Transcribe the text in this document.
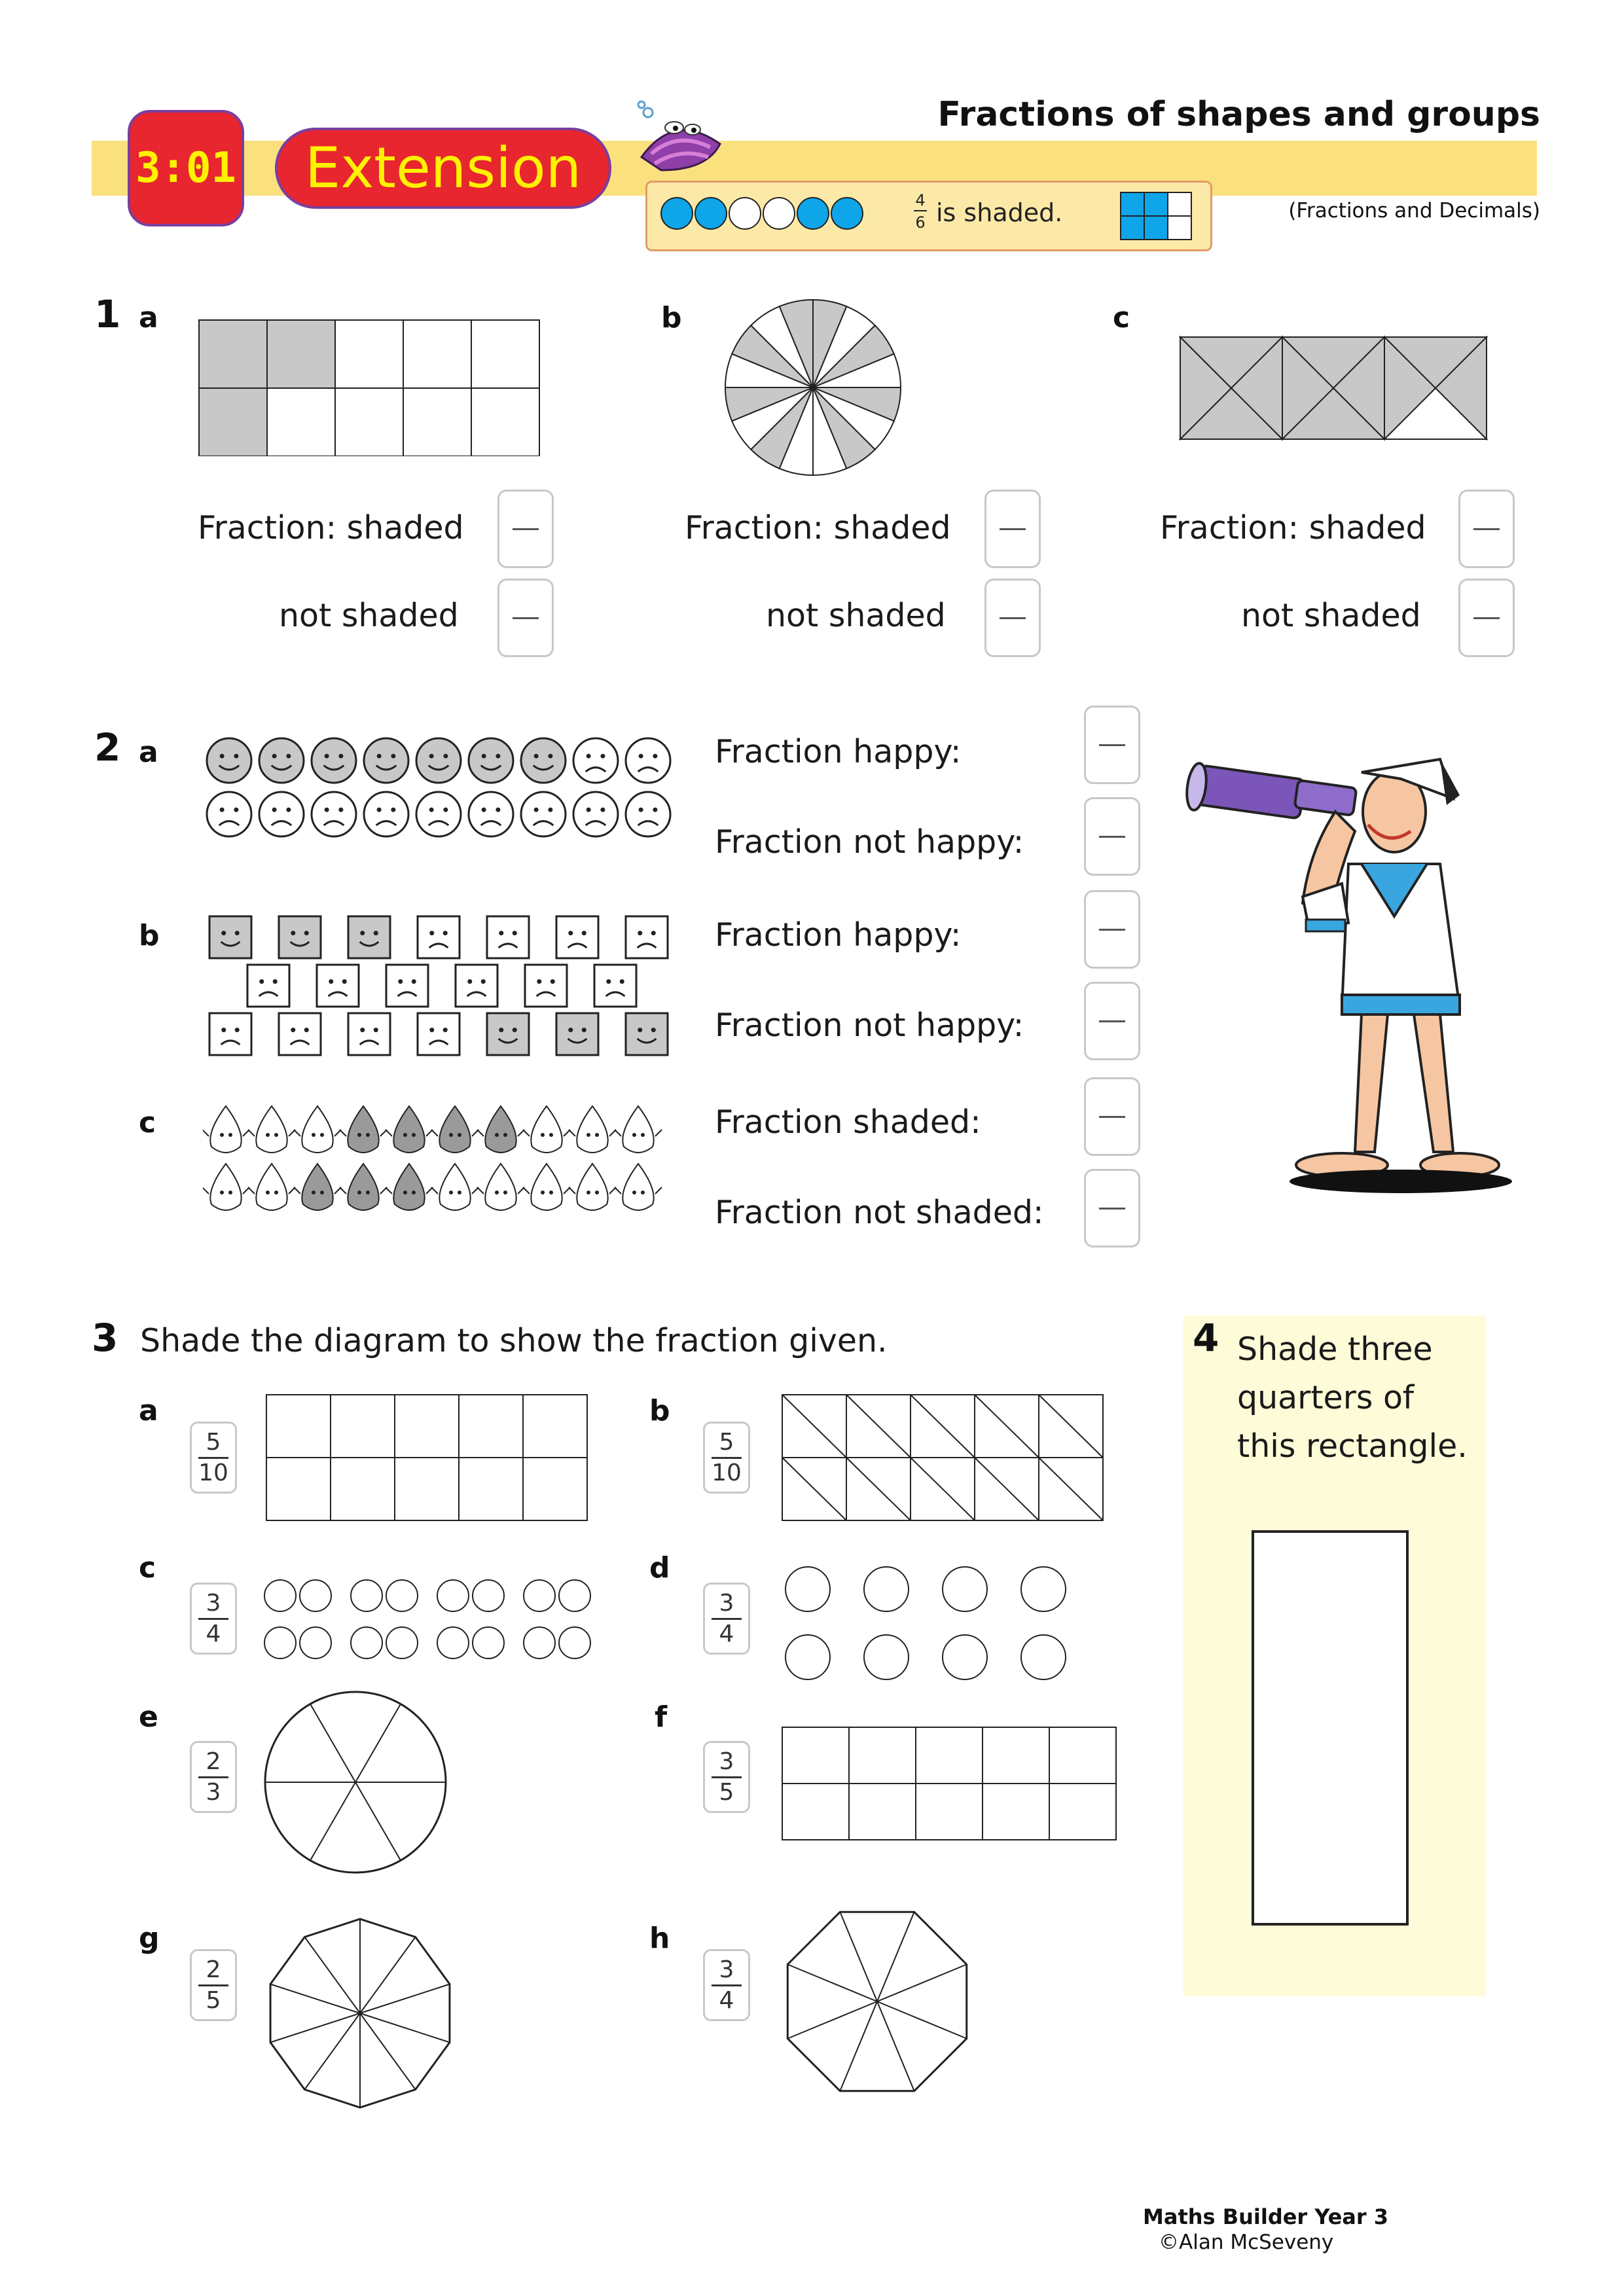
3:01	Extension
Fractions of shapes and groups
(Fractions and Decimals)
4
6 is shaded.
1 a	b	c
Fraction: shaded
not shaded
Fraction: shaded
not shaded
Fraction: shaded
not shaded
2 a
b
c
Fraction happy:
Fraction not happy:
Fraction happy:
Fraction not happy:
Fraction shaded:
Fraction not shaded:
3 Shade the diagram to show the fraction given.
a	b
c	d
e	f
g	h
5
10
5
10
3
4
3
4
2
3
3
5
2
5
3
4
4 Shade three
quarters of
this rectangle.
Maths Builder Year 3
©Alan McSeveny
